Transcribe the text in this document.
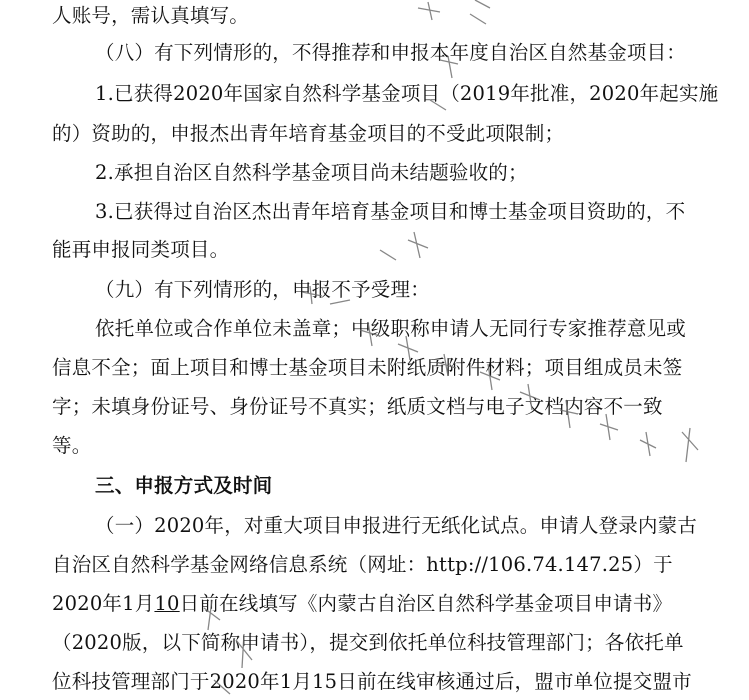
人账号，需认真填写。
（八）有下列情形的，不得推荐和申报本年度自治区自然基金项目：
1.已获得2020年国家自然科学基金项目（2019年批准，2020年起实施
的）资助的，申报杰出青年培育基金项目的不受此项限制；
2.承担自治区自然科学基金项目尚未结题验收的；
3.已获得过自治区杰出青年培育基金项目和博士基金项目资助的，不
能再申报同类项目。
（九）有下列情形的，申报不予受理：
依托单位或合作单位未盖章；中级职称申请人无同行专家推荐意见或
信息不全；面上项目和博士基金项目未附纸质附件材料；项目组成员未签
字；未填身份证号、身份证号不真实；纸质文档与电子文档内容不一致
等。
三、申报方式及时间
（一）2020年，对重大项目申报进行无纸化试点。申请人登录内蒙古
自治区自然科学基金网络信息系统（网址：http://106.74.147.25）于
2020年1月10日前在线填写《内蒙古自治区自然科学基金项目申请书》
（2020版，以下简称申请书），提交到依托单位科技管理部门；各依托单
位科技管理部门于2020年1月15日前在线审核通过后，盟市单位提交盟市
